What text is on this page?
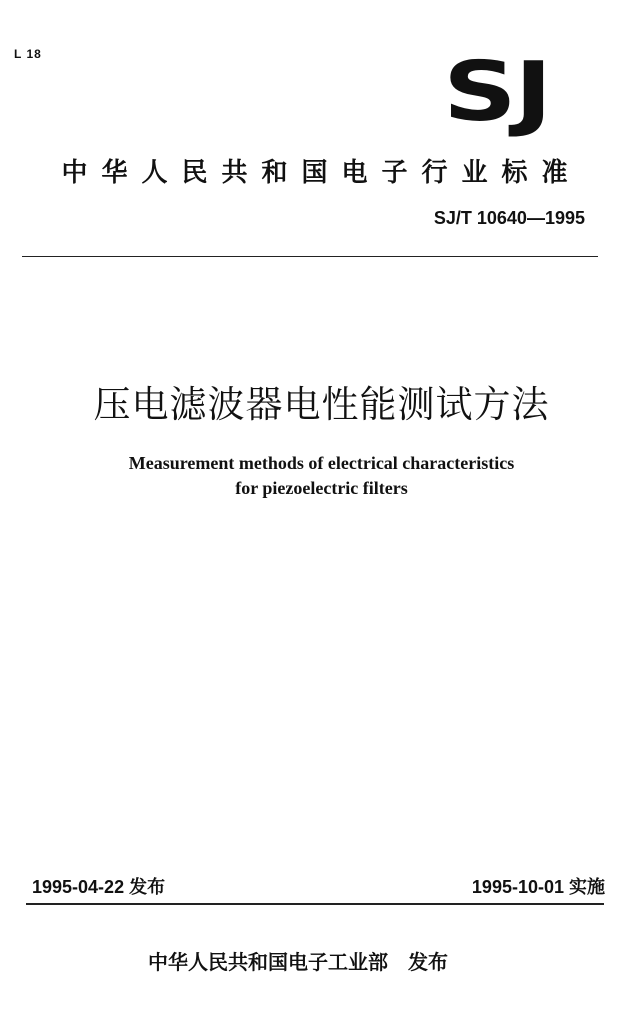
L 18	SJ
中华人民共和国电子行业标准
SJ/T 10640—1995
压电滤波器电性能测试方法
Measurement methods of electrical characteristics
for piezoelectric filters
1995-04-22 发布	1995-10-01 实施
中华人民共和国电子工业部 发布
